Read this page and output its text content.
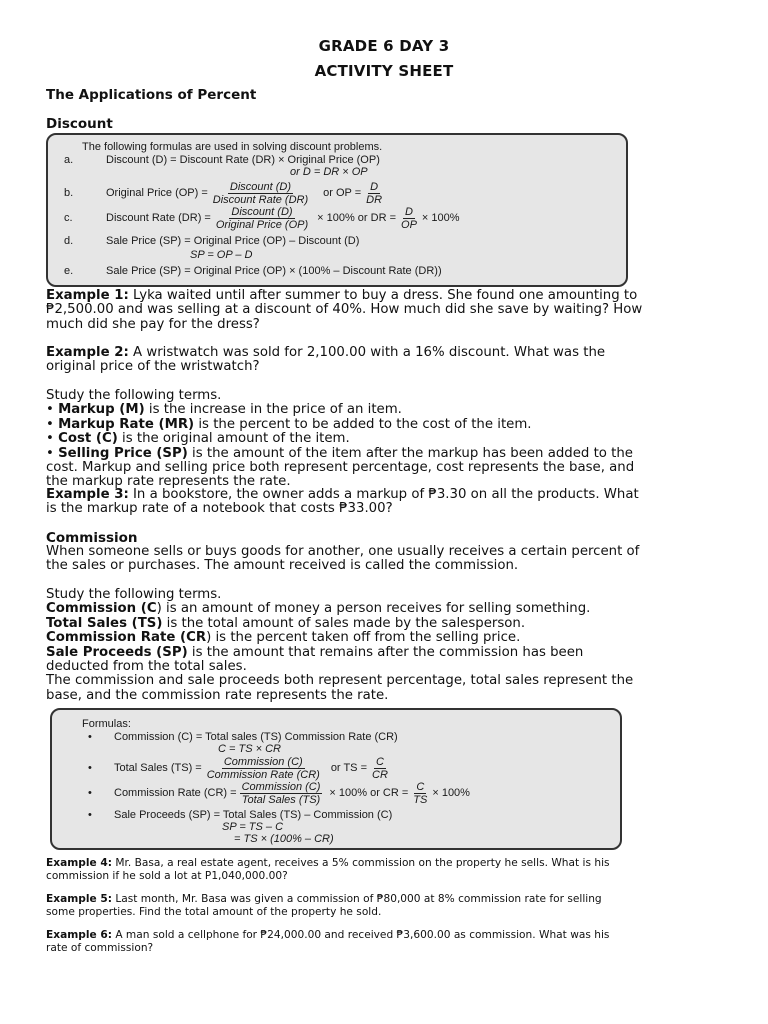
GRADE 6 DAY 3
ACTIVITY SHEET
The Applications of Percent
Discount
The following formulas are used in solving discount problems.
a.	Discount (D) = Discount Rate (DR) × Original Price (OP)
or D = DR × OP
b.	Original Price $(OP) = \frac{\text{Discount (D)}}{\text{Discount Rate (DR)}}$ or OP = $\frac{D}{DR}$
c.	Discount Rate $(DR) = \frac{\text{Discount (D)}}{\text{Original Price (OP)}} \times 100\%$ or DR = $\frac{D}{OP} \times 100\%$
d.	Sale Price (SP) = Original Price (OP) – Discount (D)
SP = OP – D
e.	Sale Price (SP) = Original Price (OP) × (100% – Discount Rate (DR))
Example 1: Lyka waited until after summer to buy a dress. She found one amounting to
₱2,500.00 and was selling at a discount of 40%. How much did she save by waiting? How
much did she pay for the dress?
Example 2: A wristwatch was sold for 2,100.00 with a 16% discount. What was the
original price of the wristwatch?
Study the following terms.
• Markup (M) is the increase in the price of an item.
• Markup Rate (MR) is the percent to be added to the cost of the item.
• Cost (C) is the original amount of the item.
• Selling Price (SP) is the amount of the item after the markup has been added to the
cost. Markup and selling price both represent percentage, cost represents the base, and
the markup rate represents the rate.
Example 3: In a bookstore, the owner adds a markup of ₱3.30 on all the products. What
is the markup rate of a notebook that costs ₱33.00?
Commission
When someone sells or buys goods for another, one usually receives a certain percent of
the sales or purchases. The amount received is called the commission.
Study the following terms.
Commission (C) is an amount of money a person receives for selling something.
Total Sales (TS) is the total amount of sales made by the salesperson.
Commission Rate (CR) is the percent taken off from the selling price.
Sale Proceeds (SP) is the amount that remains after the commission has been
deducted from the total sales.
The commission and sale proceeds both represent percentage, total sales represent the
base, and the commission rate represents the rate.
Formulas:
• Commission (C) = Total sales (TS) Commission Rate (CR)
C = TS × CR
•	Total Sales $(TS) = \frac{\text{Commission (C)}}{\text{Commission Rate (CR)}}$ or TS = $\frac{C}{CR}$
•	Commission Rate $(CR) = \frac{\text{Commission (C)}}{\text{Total Sales (TS)}} \times 100\%$ or CR = $\frac{C}{TS} \times 100\%$
• Sale Proceeds (SP) = Total Sales (TS) – Commission (C)
SP = TS – C
= TS × (100% – CR)
Example 4: Mr. Basa, a real estate agent, receives a 5% commission on the property he sells. What is his
commission if he sold a lot at P1,040,000.00?
Example 5: Last month, Mr. Basa was given a commission of ₱80,000 at 8% commission rate for selling
some properties. Find the total amount of the property he sold.
Example 6: A man sold a cellphone for ₱24,000.00 and received ₱3,600.00 as commission. What was his
rate of commission?
